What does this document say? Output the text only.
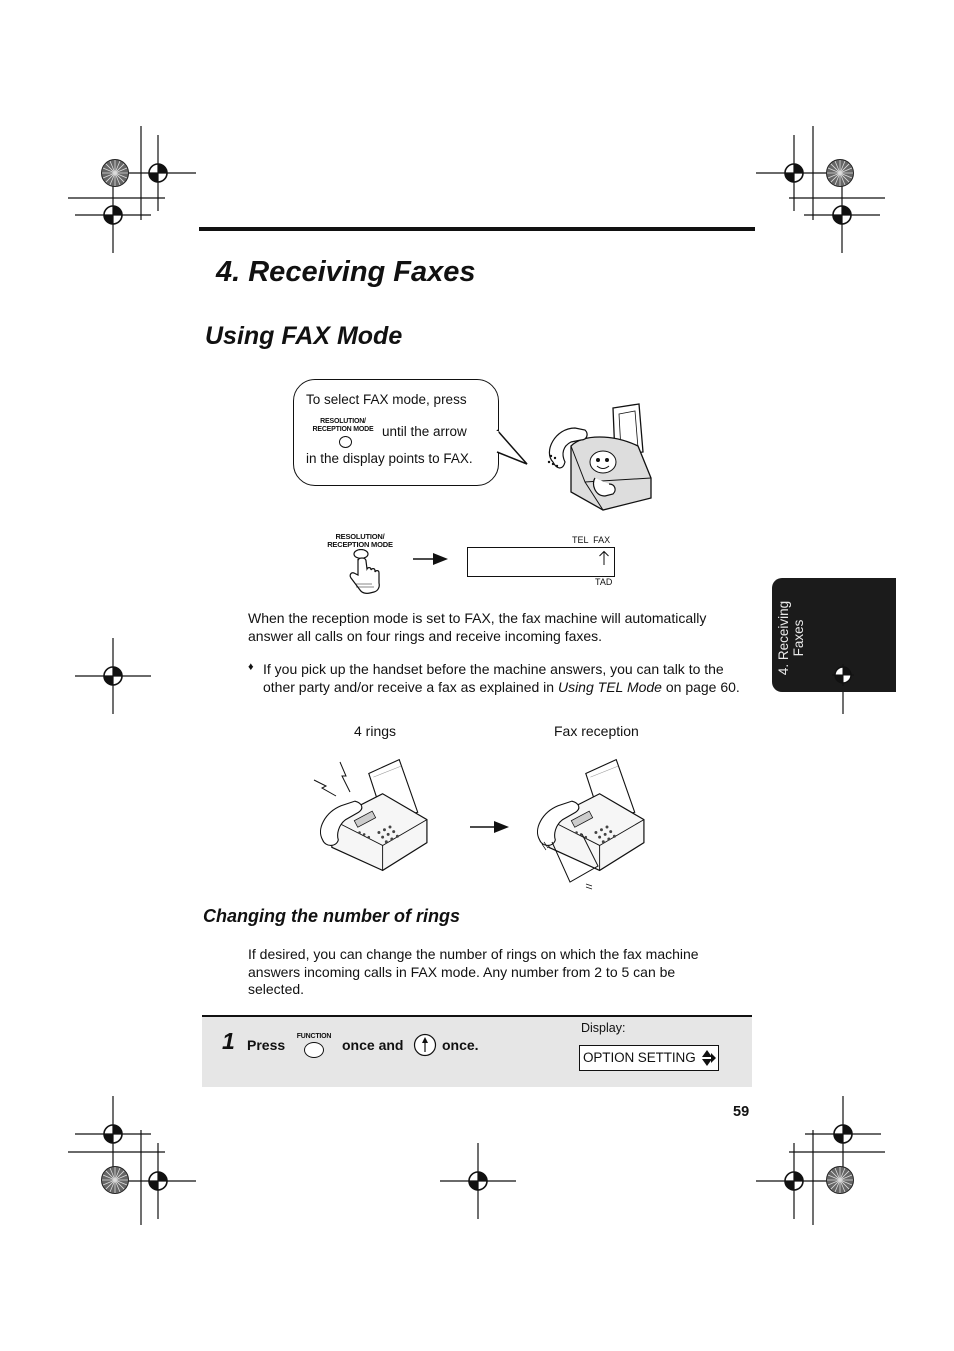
4. Receiving Faxes
Using FAX Mode
To select FAX mode, press
RESOLUTION/
RECEPTION MODE until the arrow
in the display points to FAX.
RESOLUTION/
RECEPTION MODE	TEL  FAX
TAD
When the reception mode is set to FAX, the fax machine will automatically answer all calls on four rings and receive incoming faxes.
♦ If you pick up the handset before the machine answers, you can talk to the other party and/or receive a fax as explained in Using TEL Mode on page 60.
4 rings	Fax reception
Changing the number of rings
If desired, you can change the number of rings on which the fax machine answers incoming calls in FAX mode. Any number from 2 to 5 can be selected.
1 Press
FUNCTION
once and	once.
Display:
OPTION SETTING
59
4. Receiving
Faxes
